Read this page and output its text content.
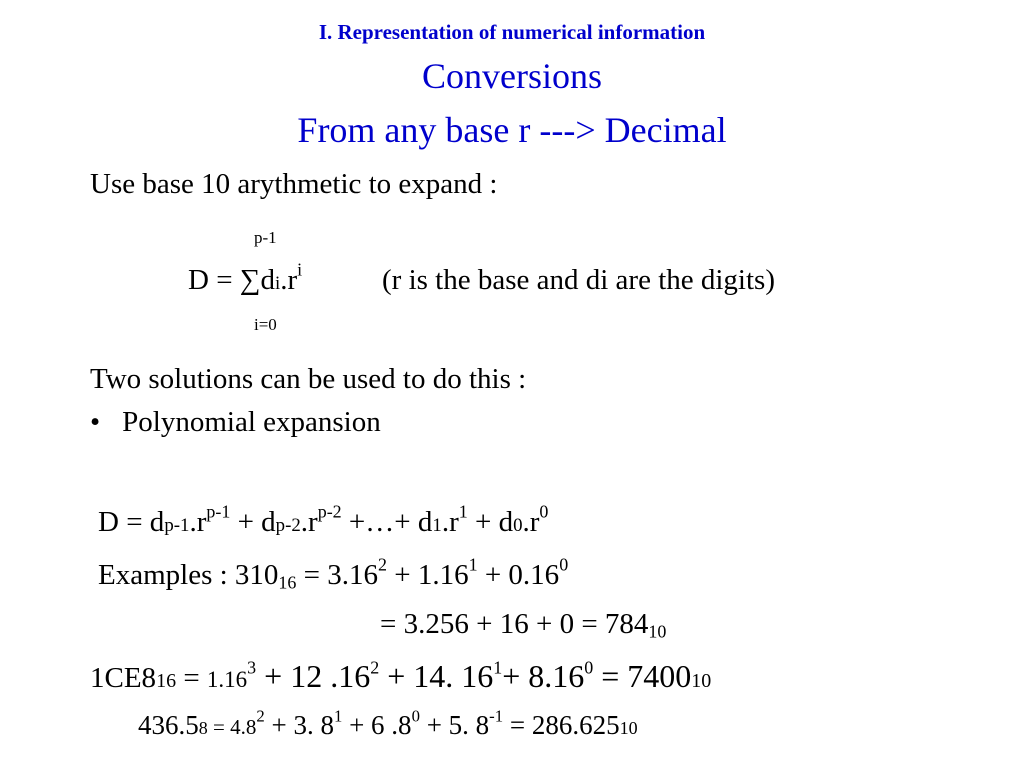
I. Representation of numerical information
Conversions
From any base r ---> Decimal
Use base 10 arythmetic to expand :
p-1
$D = \sum di.r^i$	(r is the base and di are the digits)
i=0
Two solutions can be used to do this :
• Polynomial expansion
$D = dp-1.r^{p-1} + dp-2.r^{p-2}$ +…+ $d1.r^1 + d0.r^0$
Examples : $310_{16} = 3.16^2 + 1.16^1 + 0.16^0$
= $3.256 + 16 + 0 = 784_{10}$
$1CE816 = 1.16^3 + 12$ $.16^2 + 14$. $16^1+ 8.16^0 = 740010$
$436.58 = 4.8^2 + 3$. $8^1 + 6$ $.8^0 + 5$. $8^{-1} = 286.62510$
